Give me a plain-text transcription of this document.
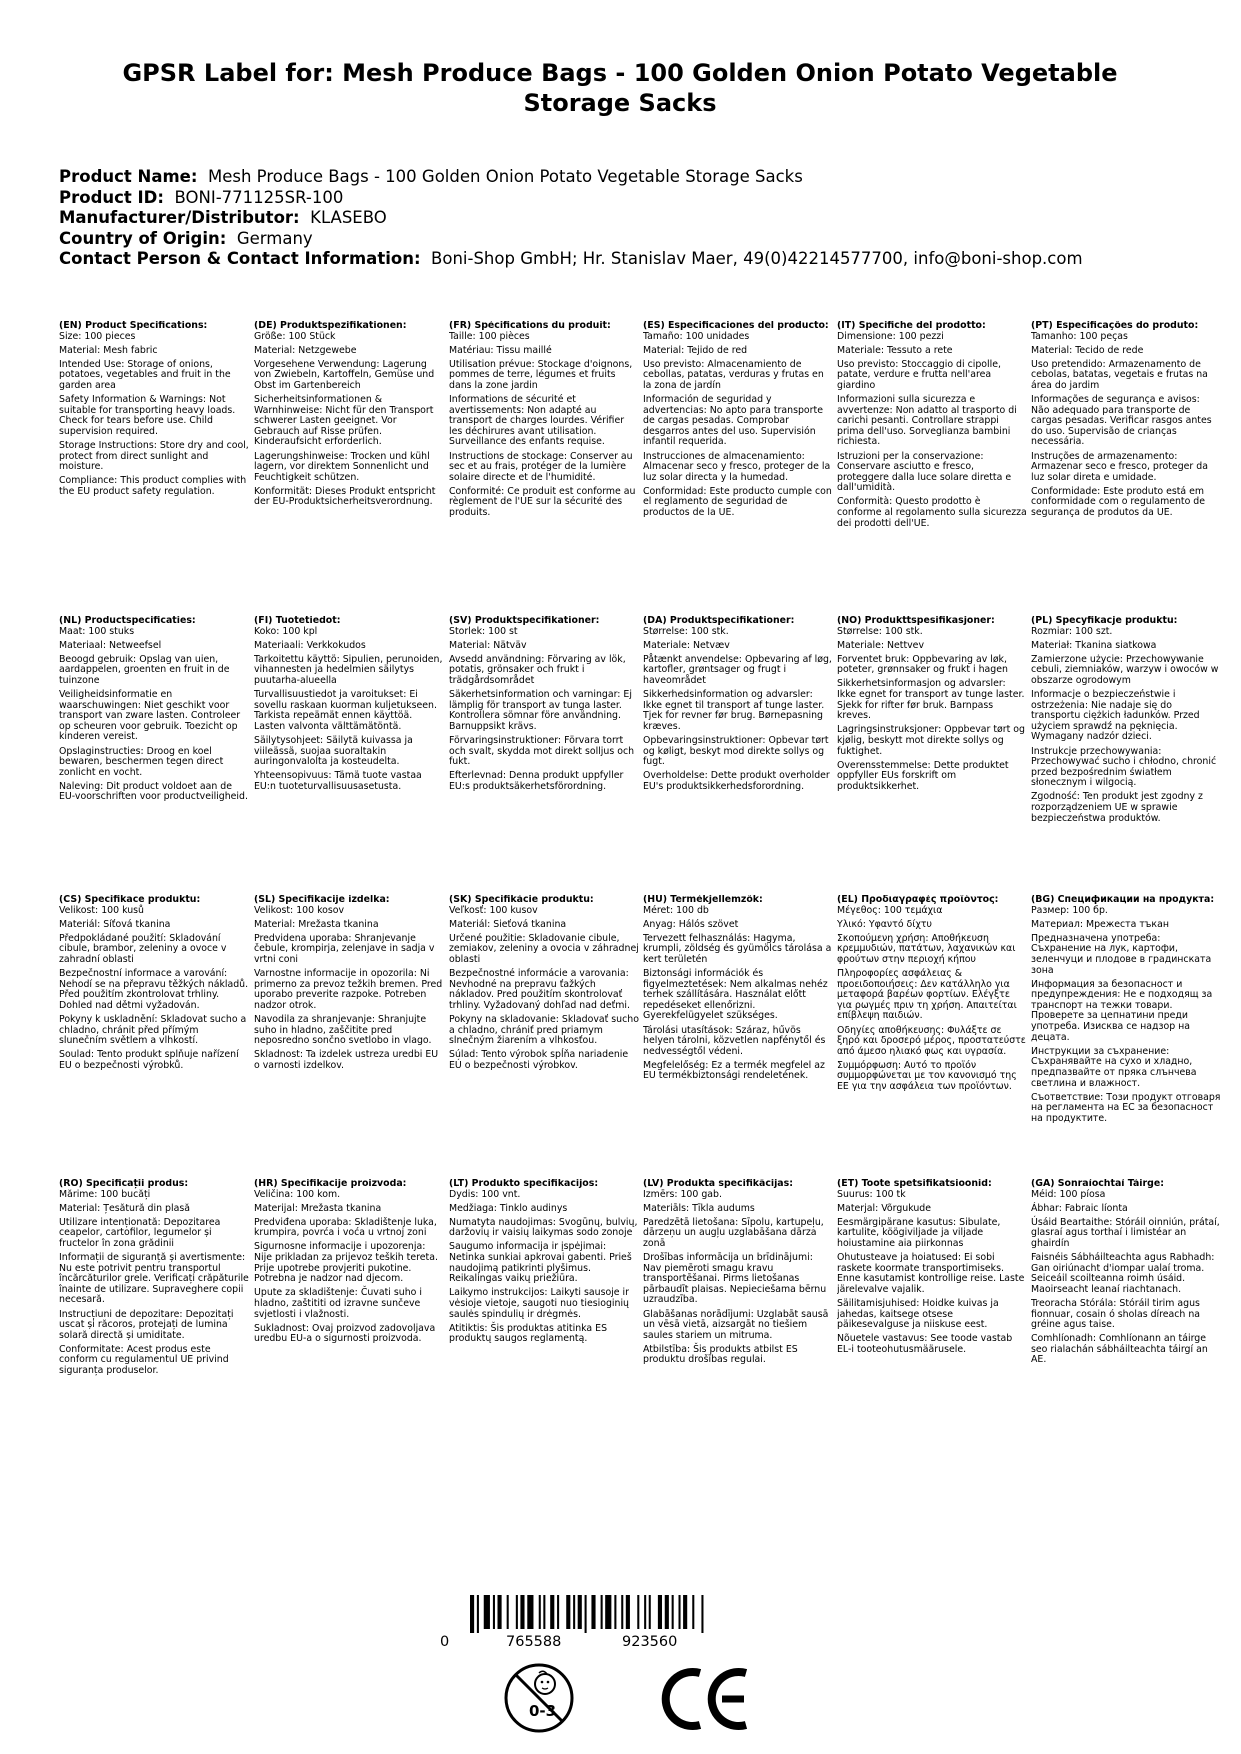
GPSR Label for: Mesh Produce Bags - 100 Golden Onion Potato Vegetable Storage Sacks
Product Name: Mesh Produce Bags - 100 Golden Onion Potato Vegetable Storage Sacks
Product ID: BONI-771125SR-100
Manufacturer/Distributor: KLASEBO
Country of Origin: Germany
Contact Person & Contact Information: Boni-Shop GmbH; Hr. Stanislav Maer, 49(0)42214577700, info@boni-shop.com
(EN) Product Specifications:

Size: 100 pieces

Material: Mesh fabric

Intended Use: Storage of onions, potatoes, vegetables and fruit in the garden area

Safety Information & Warnings: Not suitable for transporting heavy loads. Check for tears before use. Child supervision required.

Storage Instructions: Store dry and cool, protect from direct sunlight and moisture.

Compliance: This product complies with the EU product safety regulation.

(DE) Produktspezifikationen:

Größe: 100 Stück

Material: Netzgewebe

Vorgesehene Verwendung: Lagerung von Zwiebeln, Kartoffeln, Gemüse und Obst im Gartenbereich

Sicherheitsinformationen & Warnhinweise: Nicht für den Transport schwerer Lasten geeignet. Vor Gebrauch auf Risse prüfen. Kinderaufsicht erforderlich.

Lagerungshinweise: Trocken und kühl lagern, vor direktem Sonnenlicht und Feuchtigkeit schützen.

Konformität: Dieses Produkt entspricht der EU-Produktsicherheitsverordnung.

(FR) Spécifications du produit:

Taille: 100 pièces

Matériau: Tissu maillé

Utilisation prévue: Stockage d'oignons, pommes de terre, légumes et fruits dans la zone jardin

Informations de sécurité et avertissements: Non adapté au transport de charges lourdes. Vérifier les déchirures avant utilisation. Surveillance des enfants requise.

Instructions de stockage: Conserver au sec et au frais, protéger de la lumière solaire directe et de l'humidité.

Conformité: Ce produit est conforme au règlement de l'UE sur la sécurité des produits.

(ES) Especificaciones del producto:

Tamaño: 100 unidades

Material: Tejido de red

Uso previsto: Almacenamiento de cebollas, patatas, verduras y frutas en la zona de jardín

Información de seguridad y advertencias: No apto para transporte de cargas pesadas. Comprobar desgarros antes del uso. Supervisión infantil requerida.

Instrucciones de almacenamiento: Almacenar seco y fresco, proteger de la luz solar directa y la humedad.

Conformidad: Este producto cumple con el reglamento de seguridad de productos de la UE.

(IT) Specifiche del prodotto:

Dimensione: 100 pezzi

Materiale: Tessuto a rete

Uso previsto: Stoccaggio di cipolle, patate, verdure e frutta nell'area giardino

Informazioni sulla sicurezza e avvertenze: Non adatto al trasporto di carichi pesanti. Controllare strappi prima dell'uso. Sorveglianza bambini richiesta.

Istruzioni per la conservazione: Conservare asciutto e fresco, proteggere dalla luce solare diretta e dall'umidità.

Conformità: Questo prodotto è conforme al regolamento sulla sicurezza dei prodotti dell'UE.

(PT) Especificações do produto:

Tamanho: 100 peças

Material: Tecido de rede

Uso pretendido: Armazenamento de cebolas, batatas, vegetais e frutas na área do jardim

Informações de segurança e avisos: Não adequado para transporte de cargas pesadas. Verificar rasgos antes do uso. Supervisão de crianças necessária.

Instruções de armazenamento: Armazenar seco e fresco, proteger da luz solar direta e umidade.

Conformidade: Este produto está em conformidade com o regulamento de segurança de produtos da UE.

(NL) Productspecificaties:

Maat: 100 stuks

Materiaal: Netweefsel

Beoogd gebruik: Opslag van uien, aardappelen, groenten en fruit in de tuinzone

Veiligheidsinformatie en waarschuwingen: Niet geschikt voor transport van zware lasten. Controleer op scheuren voor gebruik. Toezicht op kinderen vereist.

Opslaginstructies: Droog en koel bewaren, beschermen tegen direct zonlicht en vocht.

Naleving: Dit product voldoet aan de EU-voorschriften voor productveiligheid.

(FI) Tuotetiedot:

Koko: 100 kpl

Materiaali: Verkkokudos

Tarkoitettu käyttö: Sipulien, perunoiden, vihannesten ja hedelmien säilytys puutarha-alueella

Turvallisuustiedot ja varoitukset: Ei sovellu raskaan kuorman kuljetukseen. Tarkista repeämät ennen käyttöä. Lasten valvonta välttämätöntä.

Säilytysohjeet: Säilytä kuivassa ja viileässä, suojaa suoraltakin auringonvalolta ja kosteudelta.

Yhteensopivuus: Tämä tuote vastaa EU:n tuoteturvallisuusasetusta.

(SV) Produktspecifikationer:

Storlek: 100 st

Material: Nätväv

Avsedd användning: Förvaring av lök, potatis, grönsaker och frukt i trädgårdsområdet

Säkerhetsinformation och varningar: Ej lämplig för transport av tunga laster. Kontrollera sömnar före användning. Barnuppsikt krävs.

Förvaringsinstruktioner: Förvara torrt och svalt, skydda mot direkt solljus och fukt.

Efterlevnad: Denna produkt uppfyller EU:s produktsäkerhetsförordning.

(DA) Produktspecifikationer:

Størrelse: 100 stk.

Materiale: Netvæv

Påtænkt anvendelse: Opbevaring af løg, kartofler, grøntsager og frugt i haveområdet

Sikkerhedsinformation og advarsler: Ikke egnet til transport af tunge laster. Tjek for revner før brug. Børnepasning kræves.

Opbevaringsinstruktioner: Opbevar tørt og køligt, beskyt mod direkte sollys og fugt.

Overholdelse: Dette produkt overholder EU's produktsikkerhedsforordning.

(NO) Produkttspesifikasjoner:

Størrelse: 100 stk.

Materiale: Nettvev

Forventet bruk: Oppbevaring av løk, poteter, grønnsaker og frukt i hagen

Sikkerhetsinformasjon og advarsler: Ikke egnet for transport av tunge laster. Sjekk for rifter før bruk. Barnpass kreves.

Lagringsinstruksjoner: Oppbevar tørt og kjølig, beskytt mot direkte sollys og fuktighet.

Overensstemmelse: Dette produktet oppfyller EUs forskrift om produktsikkerhet.

(PL) Specyfikacje produktu:

Rozmiar: 100 szt.

Materiał: Tkanina siatkowa

Zamierzone użycie: Przechowywanie cebuli, ziemniaków, warzyw i owoców w obszarze ogrodowym

Informacje o bezpieczeństwie i ostrzeżenia: Nie nadaje się do transportu ciężkich ładunków. Przed użyciem sprawdź na pęknięcia. Wymagany nadzór dzieci.

Instrukcje przechowywania: Przechowywać sucho i chłodno, chronić przed bezpośrednim światłem słonecznym i wilgocią.

Zgodność: Ten produkt jest zgodny z rozporządzeniem UE w sprawie bezpieczeństwa produktów.

(CS) Specifikace produktu:

Velikost: 100 kusů

Materiál: Síťová tkanina

Předpokládané použití: Skladování cibule, brambor, zeleniny a ovoce v zahradní oblasti

Bezpečnostní informace a varování: Nehodí se na přepravu těžkých nákladů. Před použitím zkontrolovat trhliny. Dohled nad dětmi vyžadován.

Pokyny k uskladnění: Skladovat sucho a chladno, chránit před přímým slunečním světlem a vlhkostí.

Soulad: Tento produkt splňuje nařízení EU o bezpečnosti výrobků.

(SL) Specifikacije izdelka:

Velikost: 100 kosov

Material: Mrežasta tkanina

Predvidena uporaba: Shranjevanje čebule, krompirja, zelenjave in sadja v vrtni coni

Varnostne informacije in opozorila: Ni primerno za prevoz težkih bremen. Pred uporabo preverite razpoke. Potreben nadzor otrok.

Navodila za shranjevanje: Shranjujte suho in hladno, zaščitite pred neposredno sončno svetlobo in vlago.

Skladnost: Ta izdelek ustreza uredbi EU o varnosti izdelkov.

(SK) Špecifikácie produktu:

Veľkosť: 100 kusov

Materiál: Sieťová tkanina

Určené použitie: Skladovanie cibule, zemiakov, zeleniny a ovocia v záhradnej oblasti

Bezpečnostné informácie a varovania: Nevhodné na prepravu ťažkých nákladov. Pred použitím skontrolovať trhliny. Vyžadovaný dohľad nad deťmi.

Pokyny na skladovanie: Skladovať sucho a chladno, chrániť pred priamym slnečným žiarením a vlhkosťou.

Súlad: Tento výrobok spĺňa nariadenie EÚ o bezpečnosti výrobkov.

(HU) Termékjellemzők:

Méret: 100 db

Anyag: Hálós szövet

Tervezett felhasználás: Hagyma, krumpli, zöldség és gyümölcs tárolása a kert területén

Biztonsági információk és figyelmeztetések: Nem alkalmas nehéz terhek szállítására. Használat előtt repedéseket ellenőrizni. Gyerekfelügyelet szükséges.

Tárolási utasítások: Száraz, hűvös helyen tárolni, közvetlen napfénytől és nedvességtől védeni.

Megfelelőség: Ez a termék megfelel az EU termékbiztonsági rendeletének.

(EL) Προδιαγραφές προϊόντος:

Μέγεθος: 100 τεμάχια

Υλικό: Υφαντό δίχτυ

Σκοπούμενη χρήση: Αποθήκευση κρεμμυδιών, πατάτων, λαχανικών και φρούτων στην περιοχή κήπου

Πληροφορίες ασφάλειας & προειδοποιήσεις: Δεν κατάλληλο για μεταφορά βαρέων φορτίων. Ελέγξτε για ρωγμές πριν τη χρήση. Απαιτείται επίβλεψη παιδιών.

Οδηγίες αποθήκευσης: Φυλάξτε σε ξηρό και δροσερό μέρος, προστατεύστε από άμεσο ηλιακό φως και υγρασία.

Συμμόρφωση: Αυτό το προϊόν συμμορφώνεται με τον κανονισμό της ΕΕ για την ασφάλεια των προϊόντων.

(BG) Спецификации на продукта:

Размер: 100 бр.

Материал: Мрежеста тъкан

Предназначена употреба: Съхранение на лук, картофи, зеленчуци и плодове в градинската зона

Информация за безопасност и предупреждения: Не е подходящ за транспорт на тежки товари. Проверете за цепнатини преди употреба. Изисква се надзор на децата.

Инструкции за съхранение: Съхранявайте на сухо и хладно, предпазвайте от пряка слънчева светлина и влажност.

Съответствие: Този продукт отговаря на регламента на ЕС за безопасност на продуктите.

(RO) Specificații produs:

Mărime: 100 bucăți

Material: Țesătură din plasă

Utilizare intenționată: Depozitarea ceapelor, cartofilor, legumelor și fructelor în zona grădinii

Informații de siguranță și avertismente: Nu este potrivit pentru transportul încărcăturilor grele. Verificați crăpăturile înainte de utilizare. Supraveghere copii necesară.

Instrucțiuni de depozitare: Depozitați uscat și răcoros, protejați de lumina solară directă și umiditate.

Conformitate: Acest produs este conform cu regulamentul UE privind siguranța produselor.

(HR) Specifikacije proizvoda:

Veličina: 100 kom.

Materijal: Mrežasta tkanina

Predviđena uporaba: Skladištenje luka, krumpira, povrća i voća u vrtnoj zoni

Sigurnosne informacije i upozorenja: Nije prikladan za prijevoz teških tereta. Prije upotrebe provjeriti pukotine. Potrebna je nadzor nad djecom.

Upute za skladištenje: Čuvati suho i hladno, zaštititi od izravne sunčeve svjetlosti i vlažnosti.

Sukladnost: Ovaj proizvod zadovoljava uredbu EU-a o sigurnosti proizvoda.

(LT) Produkto specifikacijos:

Dydis: 100 vnt.

Medžiaga: Tinklo audinys

Numatyta naudojimas: Svogūnų, bulvių, daržovių ir vaisių laikymas sodo zonoje

Saugumo informacija ir įspėjimai: Netinka sunkiai apkrovai gabenti. Prieš naudojimą patikrinti plyšimus. Reikalingas vaikų priežiūra.

Laikymo instrukcijos: Laikyti sausoje ir vėsioje vietoje, saugoti nuo tiesioginių saulės spindulių ir drėgmės.

Atitiktis: Šis produktas atitinka ES produktų saugos reglamentą.

(LV) Produkta specifikācijas:

Izmērs: 100 gab.

Materiāls: Tīkla audums

Paredzētā lietošana: Sīpolu, kartupeļu, dārzeņu un augļu uzglabāšana dārza zonā

Drošības informācija un brīdinājumi: Nav piemēroti smagu kravu transportēšanai. Pirms lietošanas pārbaudīt plaisas. Nepieciešama bērnu uzraudzība.

Glabāšanas norādījumi: Uzglabāt sausā un vēsā vietā, aizsargāt no tiešiem saules stariem un mitruma.

Atbilstība: Šis produkts atbilst ES produktu drošības regulai.

(ET) Toote spetsifikatsioonid:

Suurus: 100 tk

Materjal: Võrgukude

Eesmärgipärane kasutus: Sibulate, kartulite, köögiviljade ja viljade hoiustamine aia piirkonnas

Ohutusteave ja hoiatused: Ei sobi raskete koormate transportimiseks. Enne kasutamist kontrollige reise. Laste järelevalve vajalik.

Säilitamisjuhised: Hoidke kuivas ja jahedas, kaitsege otsese päikesevalguse ja niiskuse eest.

Nõuetele vastavus: See toode vastab EL-i tooteohutusmäärusele.

(GA) Sonraíochtaí Táirge:

Méid: 100 píosa

Ábhar: Fabraic líonta

Úsáid Beartaithe: Stóráil oinniún, prátaí, glasraí agus torthaí i limistéar an ghairdín

Faisnéis Sábháilteachta agus Rabhadh: Gan oiriúnacht d'iompar ualaí troma. Seiceáil scoilteanna roimh úsáid. Maoirseacht leanaí riachtanach.

Treoracha Stórála: Stóráil tirim agus fionnuar, cosain ó sholas díreach na gréine agus taise.

Comhlíonadh: Comhlíonann an táirge seo rialachán sábháilteachta táirgí an AE.

0	765588	923560
0-3
